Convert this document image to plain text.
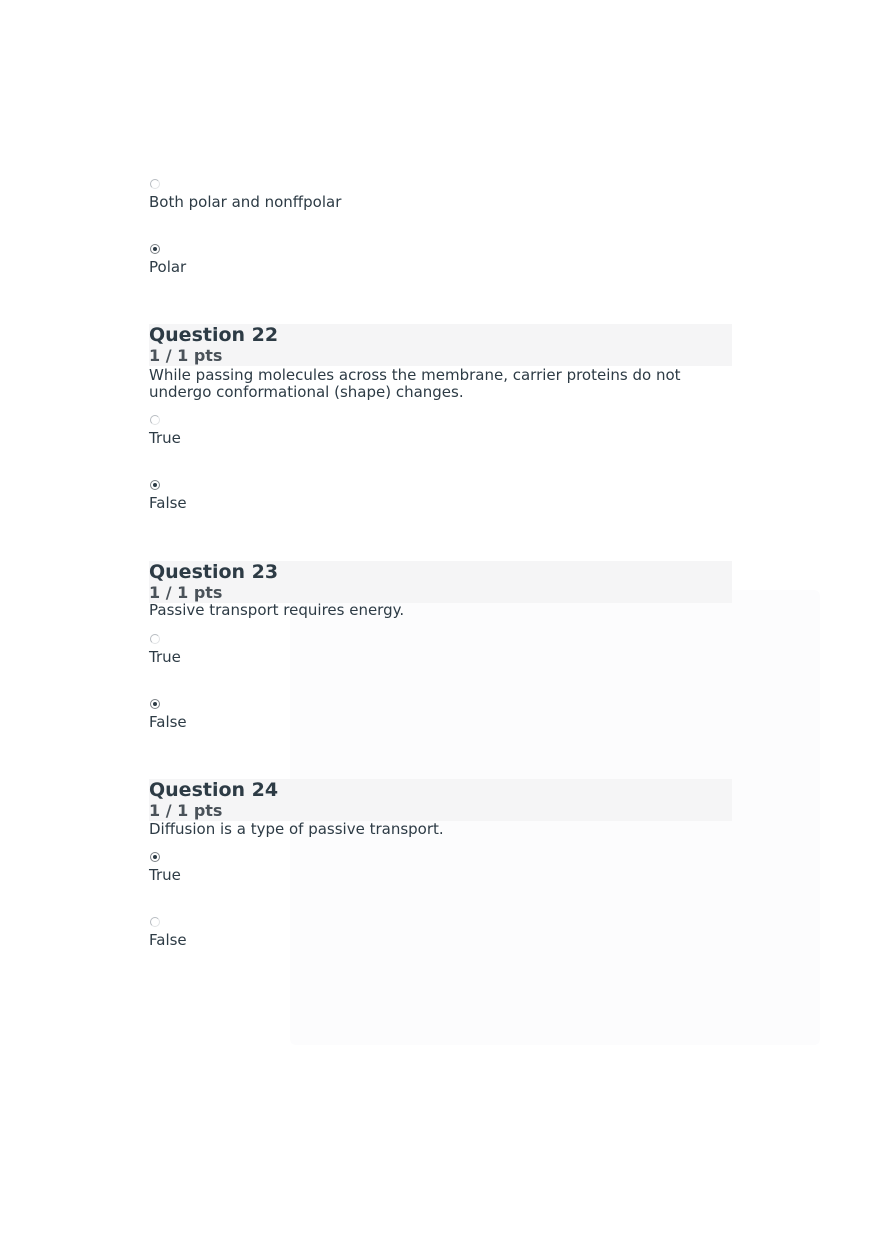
Both polar and nonffpolar
Polar
Question 22
1 / 1 pts
While passing molecules across the membrane, carrier proteins do not undergo conformational (shape) changes.
True
False
Question 23
1 / 1 pts
Passive transport requires energy.
True
False
Question 24
1 / 1 pts
Diffusion is a type of passive transport.
True
False
